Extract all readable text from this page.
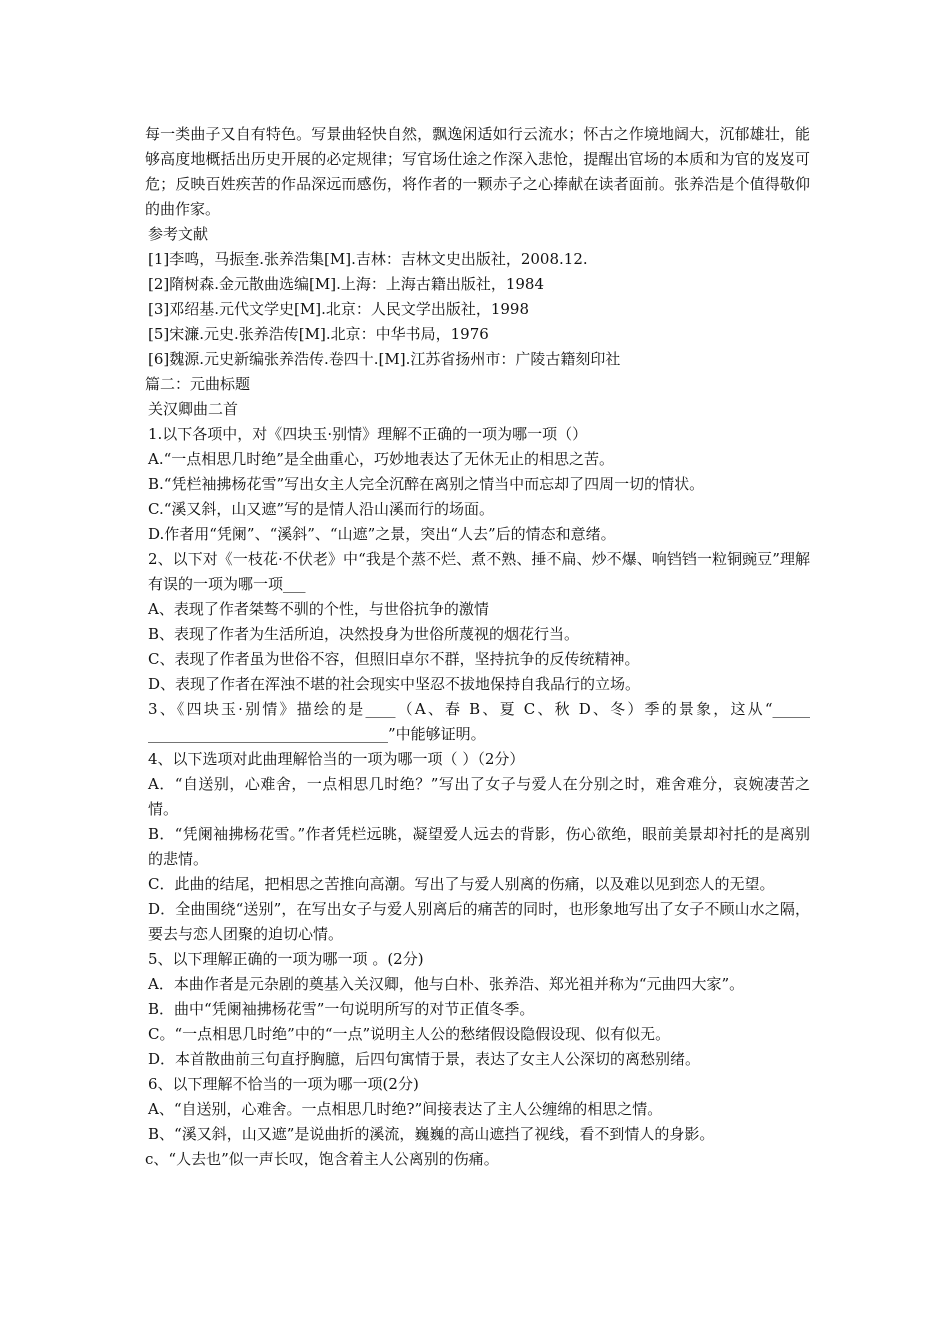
每一类曲子又自有特色。写景曲轻快自然，飘逸闲适如行云流水；怀古之作境地阔大，沉郁雄壮，能够高度地概括出历史开展的必定规律；写官场仕途之作深入悲怆，提醒出官场的本质和为官的岌岌可危；反映百姓疾苦的作品深远而感伤，将作者的一颗赤子之心捧献在读者面前。张养浩是个值得敬仰的曲作家。

参考文献

[1]李鸣，马振奎.张养浩集[M].吉林：吉林文史出版社，2008.12.

[2]隋树森.金元散曲选编[M].上海：上海古籍出版社，1984

[3]邓绍基.元代文学史[M].北京：人民文学出版社，1998

[5]宋濂.元史.张养浩传[M].北京：中华书局，1976

[6]魏源.元史新编张养浩传.卷四十.[M].江苏省扬州市：广陵古籍刻印社

篇二：元曲标题

关汉卿曲二首

1.以下各项中，对《四块玉·别情》理解不正确的一项为哪一项（）

A.“一点相思几时绝”是全曲重心，巧妙地表达了无休无止的相思之苦。

B.“凭栏袖拂杨花雪”写出女主人完全沉醉在离别之情当中而忘却了四周一切的情状。

C.“溪又斜，山又遮”写的是情人沿山溪而行的场面。

D.作者用“凭阑”、“溪斜”、“山遮”之景，突出“人去”后的情态和意绪。

2、以下对《一枝花·不伏老》中“我是个蒸不烂、煮不熟、捶不扁、炒不爆、响铛铛一粒铜豌豆”理解有误的一项为哪一项___

A、表现了作者桀骜不驯的个性，与世俗抗争的激情

B、表现了作者为生活所迫，决然投身为世俗所蔑视的烟花行当。

C、表现了作者虽为世俗不容，但照旧卓尔不群，坚持抗争的反传统精神。

D、表现了作者在浑浊不堪的社会现实中坚忍不拔地保持自我品行的立场。

3、《四块玉·别情》描绘的是____（A、春 B、夏 C、秋 D、冬）季的景象，这从“_____ ________________________________”中能够证明。

4、以下选项对此曲理解恰当的一项为哪一项（ ）（2分）

A．“自送别，心难舍，一点相思几时绝？”写出了女子与爱人在分别之时，难舍难分，哀婉凄苦之情。

B．“凭阑袖拂杨花雪。”作者凭栏远眺，凝望爱人远去的背影，伤心欲绝，眼前美景却衬托的是离别的悲情。

C．此曲的结尾，把相思之苦推向高潮。写出了与爱人别离的伤痛，以及难以见到恋人的无望。

D．全曲围绕“送别”，在写出女子与爱人别离后的痛苦的同时，也形象地写出了女子不顾山水之隔，要去与恋人团聚的迫切心情。

5、以下理解正确的一项为哪一项 。(2分)

A．本曲作者是元杂剧的奠基入关汉卿，他与白朴、张养浩、郑光祖并称为“元曲四大家”。

B．曲中“凭阑袖拂杨花雪”一句说明所写的对节正值冬季。

C。“一点相思几时绝”中的“一点”说明主人公的愁绪假设隐假设现、似有似无。

D．本首散曲前三句直抒胸臆，后四句寓情于景，表达了女主人公深切的离愁别绪。

6、以下理解不恰当的一项为哪一项(2分)

A、“自送别，心难舍。一点相思几时绝?”间接表达了主人公缠绵的相思之情。

B、“溪又斜，山又遮”是说曲折的溪流，巍巍的高山遮挡了视线，看不到情人的身影。

c、“人去也”似一声长叹，饱含着主人公离别的伤痛。
